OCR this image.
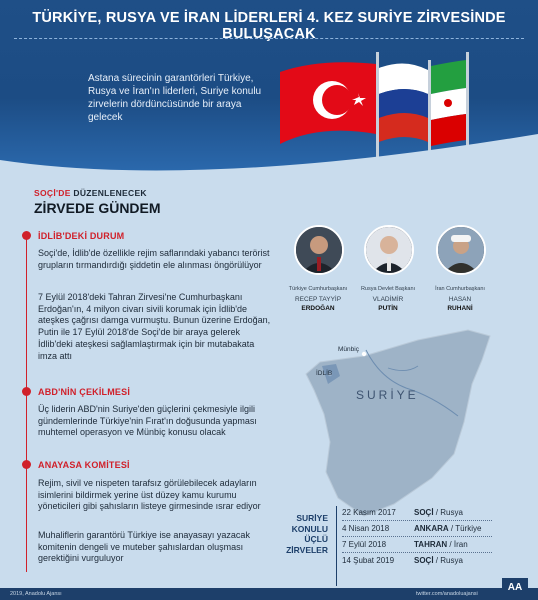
TÜRKİYE, RUSYA VE İRAN LİDERLERİ 4. KEZ SURİYE ZİRVESİNDE BULUŞACAK
Astana sürecinin garantörleri Türkiye, Rusya ve İran'ın liderleri, Suriye konulu zirvelerin dördüncüsünde bir araya gelecek
SOÇİ'DE DÜZENLENECEK
ZİRVEDE GÜNDEM
İDLİB'DEKİ DURUM
Soçi'de, İdlib'de özellikle rejim saflarındaki yabancı terörist grupların tırmandırdığı şiddetin ele alınması öngörülüyor
7 Eylül 2018'deki Tahran Zirvesi'ne Cumhurbaşkanı Erdoğan'ın, 4 milyon civarı sivili korumak için İdlib'de ateşkes çağrısı damga vurmuştu. Bunun üzerine Erdoğan, Putin ile 17 Eylül 2018'de Soçi'de bir araya gelerek İdlib'deki ateşkesi sağlamlaştırmak için bir mutabakata imza attı
ABD'NİN ÇEKİLMESİ
Üç liderin ABD'nin Suriye'den güçlerini çekmesiyle ilgili gündemlerinde Türkiye'nin Fırat'ın doğusunda yapması muhtemel operasyon ve Münbiç konusu olacak
ANAYASA KOMİTESİ
Rejim, sivil ve nispeten tarafsız görülebilecek adayların isimlerini bildirmek yerine üst düzey kamu kurumu yöneticileri gibi şahısların listeye girmesinde ısrar ediyor
Muhaliflerin garantörü Türkiye ise anayasayı yazacak komitenin dengeli ve muteber şahıslardan oluşması gerektiğini vurguluyor
Münbiç
İDLİB
SURİYE
Türkiye Cumhurbaşkanı
RECEP TAYYİP
ERDOĞAN
Rusya Devlet Başkanı
VLADİMİR
PUTİN
İran Cumhurbaşkanı
HASAN
RUHANİ
SURİYE KONULU ÜÇLÜ ZİRVELER
22 Kasım 2017 SOÇİ / Rusya
4 Nisan 2018	ANKARA / Türkiye
7 Eylül 2018	TAHRAN / İran
14 Şubat 2019 SOÇİ / Rusya
2019, Anadolu Ajansı	twitter.com/anadoluajansi
AA
